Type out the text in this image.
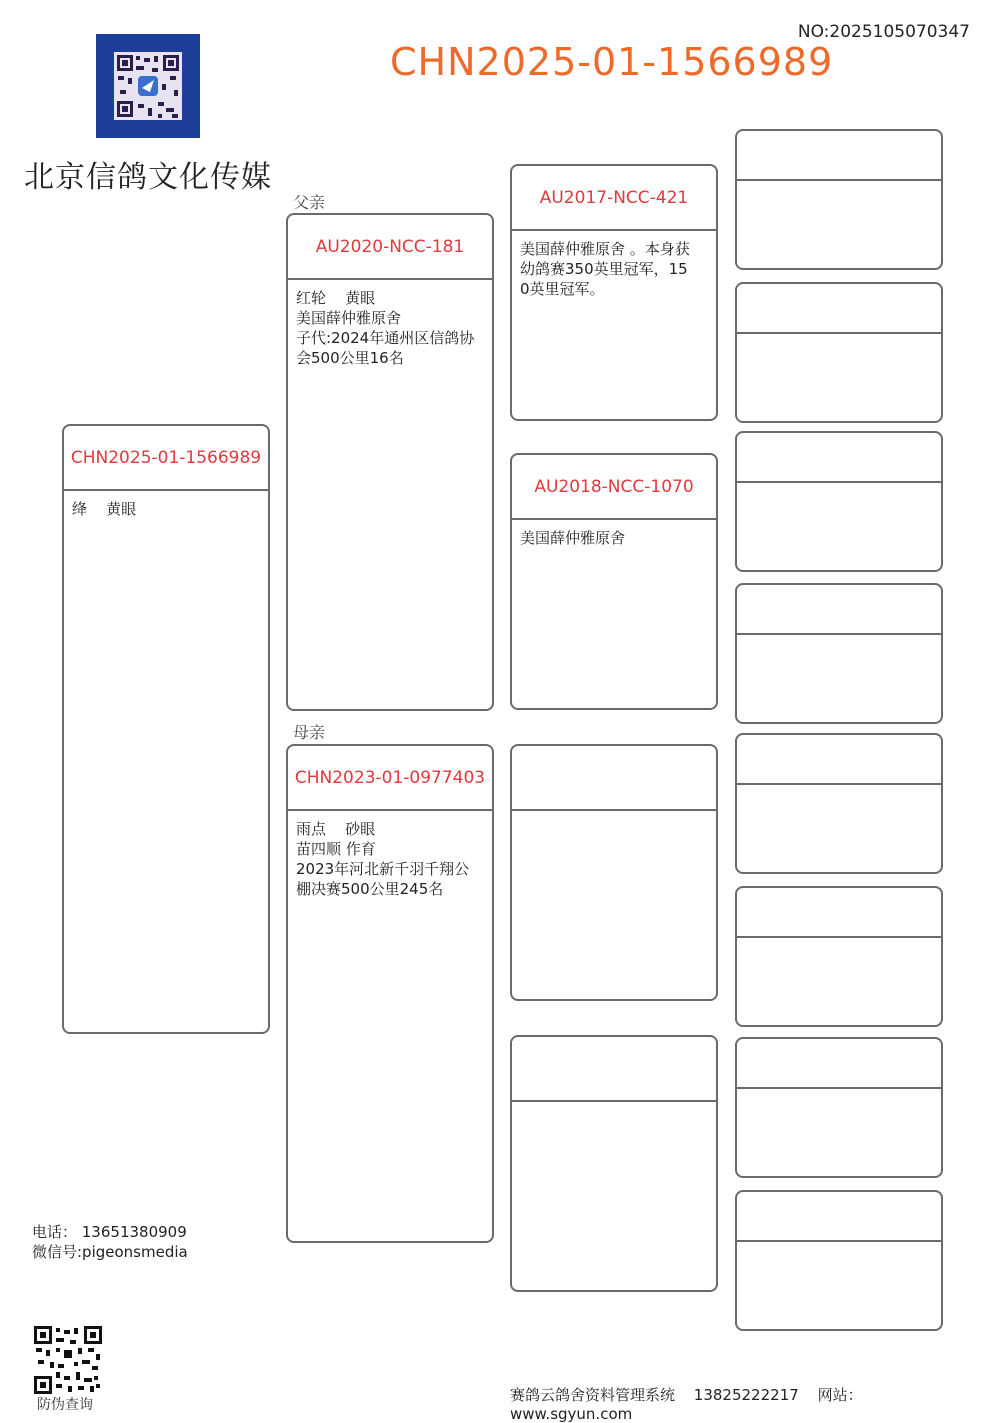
NO:2025105070347
CHN2025-01-1566989
北京信鸽文化传媒
父亲
母亲
CHN2025-01-1566989
绛    黄眼
AU2020-NCC-181
红轮    黄眼
美国薛仲雅原舍
子代:2024年通州区信鸽协
会500公里16名
CHN2023-01-0977403
雨点    砂眼
苗四顺 作育
2023年河北新千羽千翔公
棚决赛500公里245名
AU2017-NCC-421
美国薛仲雅原舍 。本身获
幼鸽赛350英里冠军，15
0英里冠军。
AU2018-NCC-1070
美国薛仲雅原舍
电话： 13651380909
微信号:pigeonsmedia
防伪查询
赛鸽云鸽舍资料管理系统 13825222217 网站： www.sgyun.com
